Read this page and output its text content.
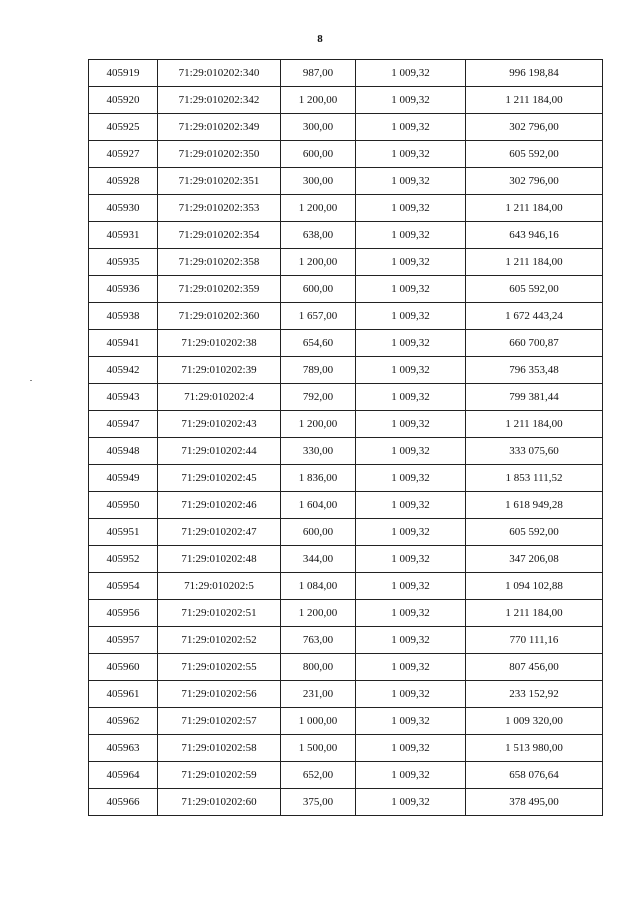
8
405919	71:29:010202:340	987,00	1 009,32	996 198,84
405920	71:29:010202:342	1 200,00	1 009,32	1 211 184,00
405925	71:29:010202:349	300,00	1 009,32	302 796,00
405927	71:29:010202:350	600,00	1 009,32	605 592,00
405928	71:29:010202:351	300,00	1 009,32	302 796,00
405930	71:29:010202:353	1 200,00	1 009,32	1 211 184,00
405931	71:29:010202:354	638,00	1 009,32	643 946,16
405935	71:29:010202:358	1 200,00	1 009,32	1 211 184,00
405936	71:29:010202:359	600,00	1 009,32	605 592,00
405938	71:29:010202:360	1 657,00	1 009,32	1 672 443,24
405941	71:29:010202:38	654,60	1 009,32	660 700,87
405942	71:29:010202:39	789,00	1 009,32	796 353,48
405943	71:29:010202:4	792,00	1 009,32	799 381,44
405947	71:29:010202:43	1 200,00	1 009,32	1 211 184,00
405948	71:29:010202:44	330,00	1 009,32	333 075,60
405949	71:29:010202:45	1 836,00	1 009,32	1 853 111,52
405950	71:29:010202:46	1 604,00	1 009,32	1 618 949,28
405951	71:29:010202:47	600,00	1 009,32	605 592,00
405952	71:29:010202:48	344,00	1 009,32	347 206,08
405954	71:29:010202:5	1 084,00	1 009,32	1 094 102,88
405956	71:29:010202:51	1 200,00	1 009,32	1 211 184,00
405957	71:29:010202:52	763,00	1 009,32	770 111,16
405960	71:29:010202:55	800,00	1 009,32	807 456,00
405961	71:29:010202:56	231,00	1 009,32	233 152,92
405962	71:29:010202:57	1 000,00	1 009,32	1 009 320,00
405963	71:29:010202:58	1 500,00	1 009,32	1 513 980,00
405964	71:29:010202:59	652,00	1 009,32	658 076,64
405966	71:29:010202:60	375,00	1 009,32	378 495,00
